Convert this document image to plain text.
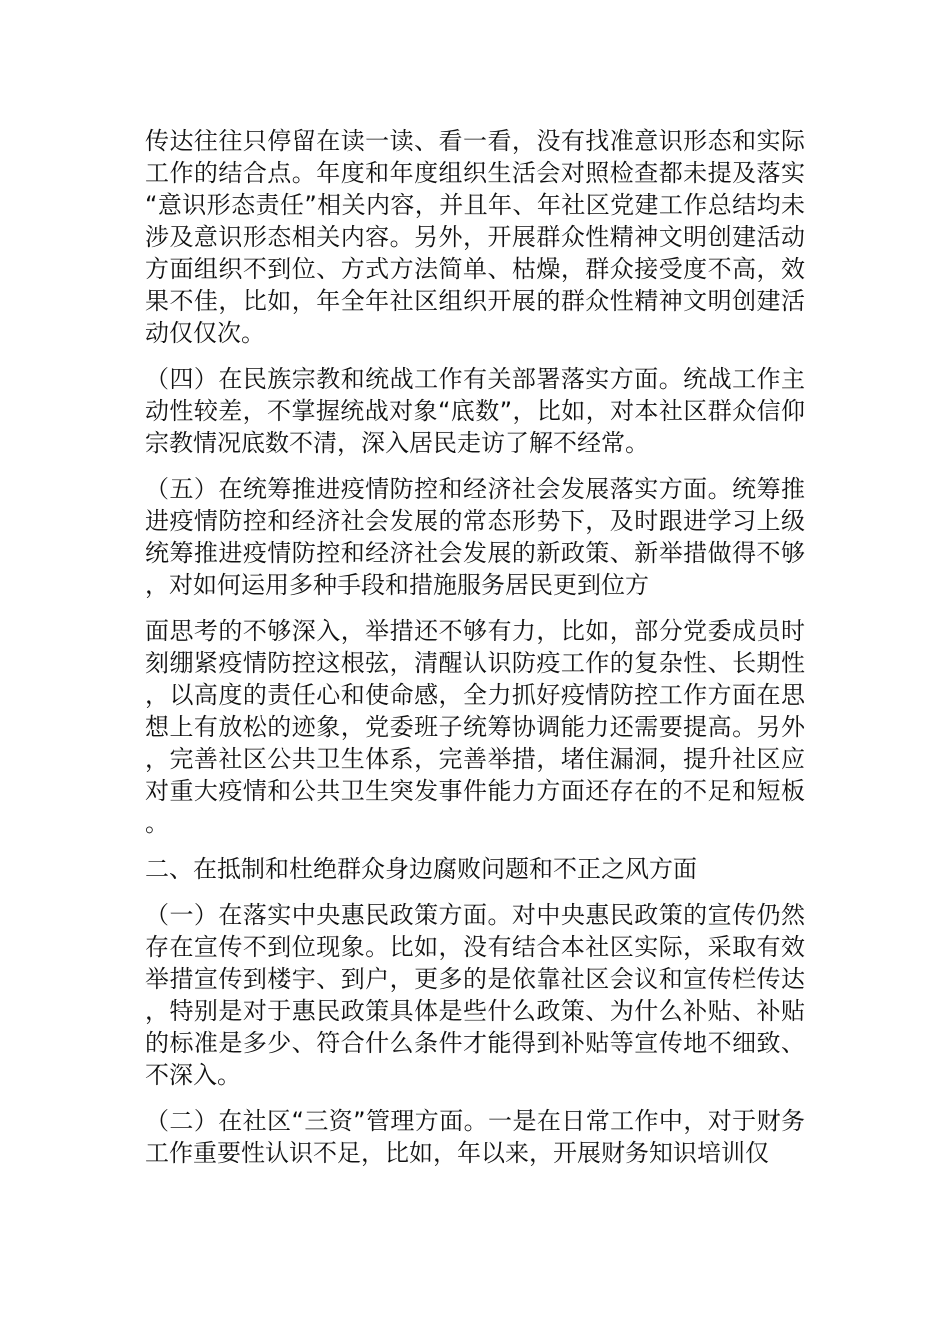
传达往往只停留在读一读、看一看，没有找准意识形态和实际工作的结合点。年度和年度组织生活会对照检查都未提及落实“意识形态责任”相关内容，并且年、年社区党建工作总结均未涉及意识形态相关内容。另外，开展群众性精神文明创建活动方面组织不到位、方式方法简单、枯燥，群众接受度不高，效果不佳，比如，年全年社区组织开展的群众性精神文明创建活动仅仅次。

（四）在民族宗教和统战工作有关部署落实方面。统战工作主动性较差，不掌握统战对象“底数”，比如，对本社区群众信仰宗教情况底数不清，深入居民走访了解不经常。

（五）在统筹推进疫情防控和经济社会发展落实方面。统筹推进疫情防控和经济社会发展的常态形势下，及时跟进学习上级统筹推进疫情防控和经济社会发展的新政策、新举措做得不够，对如何运用多种手段和措施服务居民更到位方

面思考的不够深入，举措还不够有力，比如，部分党委成员时刻绷紧疫情防控这根弦，清醒认识防疫工作的复杂性、长期性，以高度的责任心和使命感，全力抓好疫情防控工作方面在思想上有放松的迹象，党委班子统筹协调能力还需要提高。另外，完善社区公共卫生体系，完善举措，堵住漏洞，提升社区应对重大疫情和公共卫生突发事件能力方面还存在的不足和短板。

二、在抵制和杜绝群众身边腐败问题和不正之风方面

（一）在落实中央惠民政策方面。对中央惠民政策的宣传仍然存在宣传不到位现象。比如，没有结合本社区实际，采取有效举措宣传到楼宇、到户，更多的是依靠社区会议和宣传栏传达，特别是对于惠民政策具体是些什么政策、为什么补贴、补贴的标准是多少、符合什么条件才能得到补贴等宣传地不细致、不深入。

（二）在社区“三资”管理方面。一是在日常工作中，对于财务工作重要性认识不足，比如，年以来，开展财务知识培训仅
